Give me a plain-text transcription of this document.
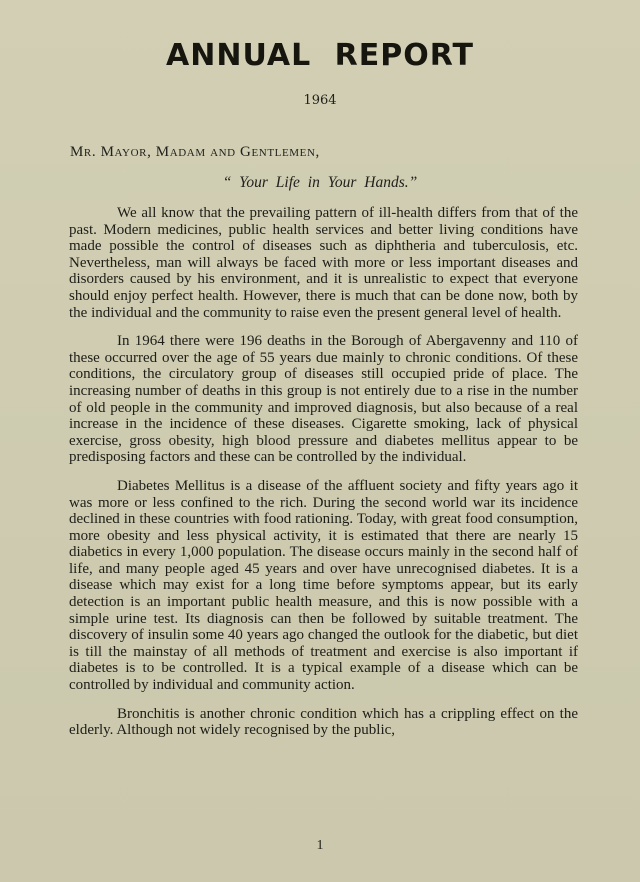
ANNUAL REPORT
1964
Mr. Mayor, Madam and Gentlemen,
“ Your Life in Your Hands.”

We all know that the prevailing pattern of ill-health differs from that of the past. Modern medicines, public health services and better living conditions have made possible the control of diseases such as diphtheria and tuberculosis, etc. Nevertheless, man will always be faced with more or less important diseases and disorders caused by his environment, and it is unrealistic to expect that everyone should enjoy perfect health. However, there is much that can be done now, both by the individual and the community to raise even the present general level of health.

In 1964 there were 196 deaths in the Borough of Abergavenny and 110 of these occurred over the age of 55 years due mainly to chronic conditions. Of these conditions, the circulatory group of diseases still occupied pride of place. The increasing number of deaths in this group is not entirely due to a rise in the number of old people in the community and improved diagnosis, but also because of a real increase in the incidence of these diseases. Cigarette smoking, lack of physical exercise, gross obesity, high blood pressure and diabetes mellitus appear to be predisposing factors and these can be controlled by the individual.

Diabetes Mellitus is a disease of the affluent society and fifty years ago it was more or less confined to the rich. During the second world war its incidence declined in these countries with food rationing. Today, with great food consumption, more obesity and less physical activity, it is estimated that there are nearly 15 diabetics in every 1,000 population. The disease occurs mainly in the second half of life, and many people aged 45 years and over have unrecognised diabetes. It is a disease which may exist for a long time before symptoms appear, but its early detection is an important public health measure, and this is now possible with a simple urine test. Its diagnosis can then be followed by suitable treatment. The discovery of insulin some 40 years ago changed the outlook for the diabetic, but diet is till the mainstay of all methods of treatment and exercise is also important if diabetes is to be controlled. It is a typical example of a disease which can be controlled by individual and community action.

Bronchitis is another chronic condition which has a crippling effect on the elderly. Although not widely recognised by the public,

1
